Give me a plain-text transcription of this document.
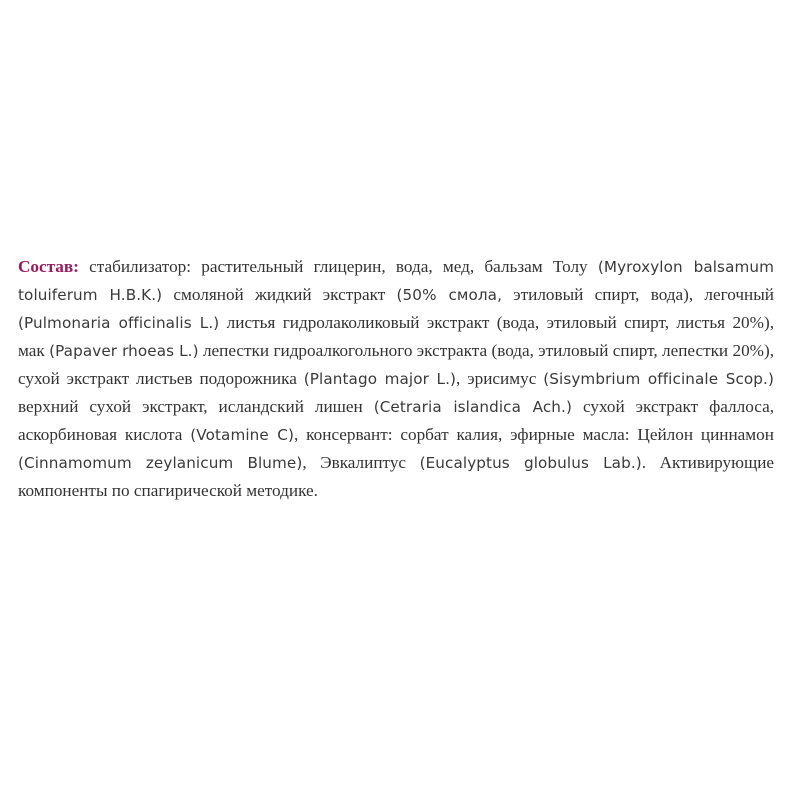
Состав: стабилизатор: растительный глицерин, вода, мед, бальзам Толу (Myroxylon balsamum toluiferum H.B.K.) смоляной жидкий экстракт (50% смола, этиловый спирт, вода), легочный (Pulmonaria officinalis L.) листья гидролаколиковый экстракт (вода, этиловый спирт, листья 20%), мак (Papaver rhoeas L.) лепестки гидроалкогольного экстракта (вода, этиловый спирт, лепестки 20%), сухой экстракт листьев подорожника (Plantago major L.), эрисимус (Sisymbrium officinale Scop.) верхний сухой экстракт, исландский лишен (Cetraria islandica Ach.) сухой экстракт фаллоса, аскорбиновая кислота (Votamine C), консервант: сорбат калия, эфирные масла: Цейлон циннамон (Cinnamomum zeylanicum Blume), Эвкалиптус (Eucalyptus globulus Lab.). Активирующие компоненты по спагирической методике.
